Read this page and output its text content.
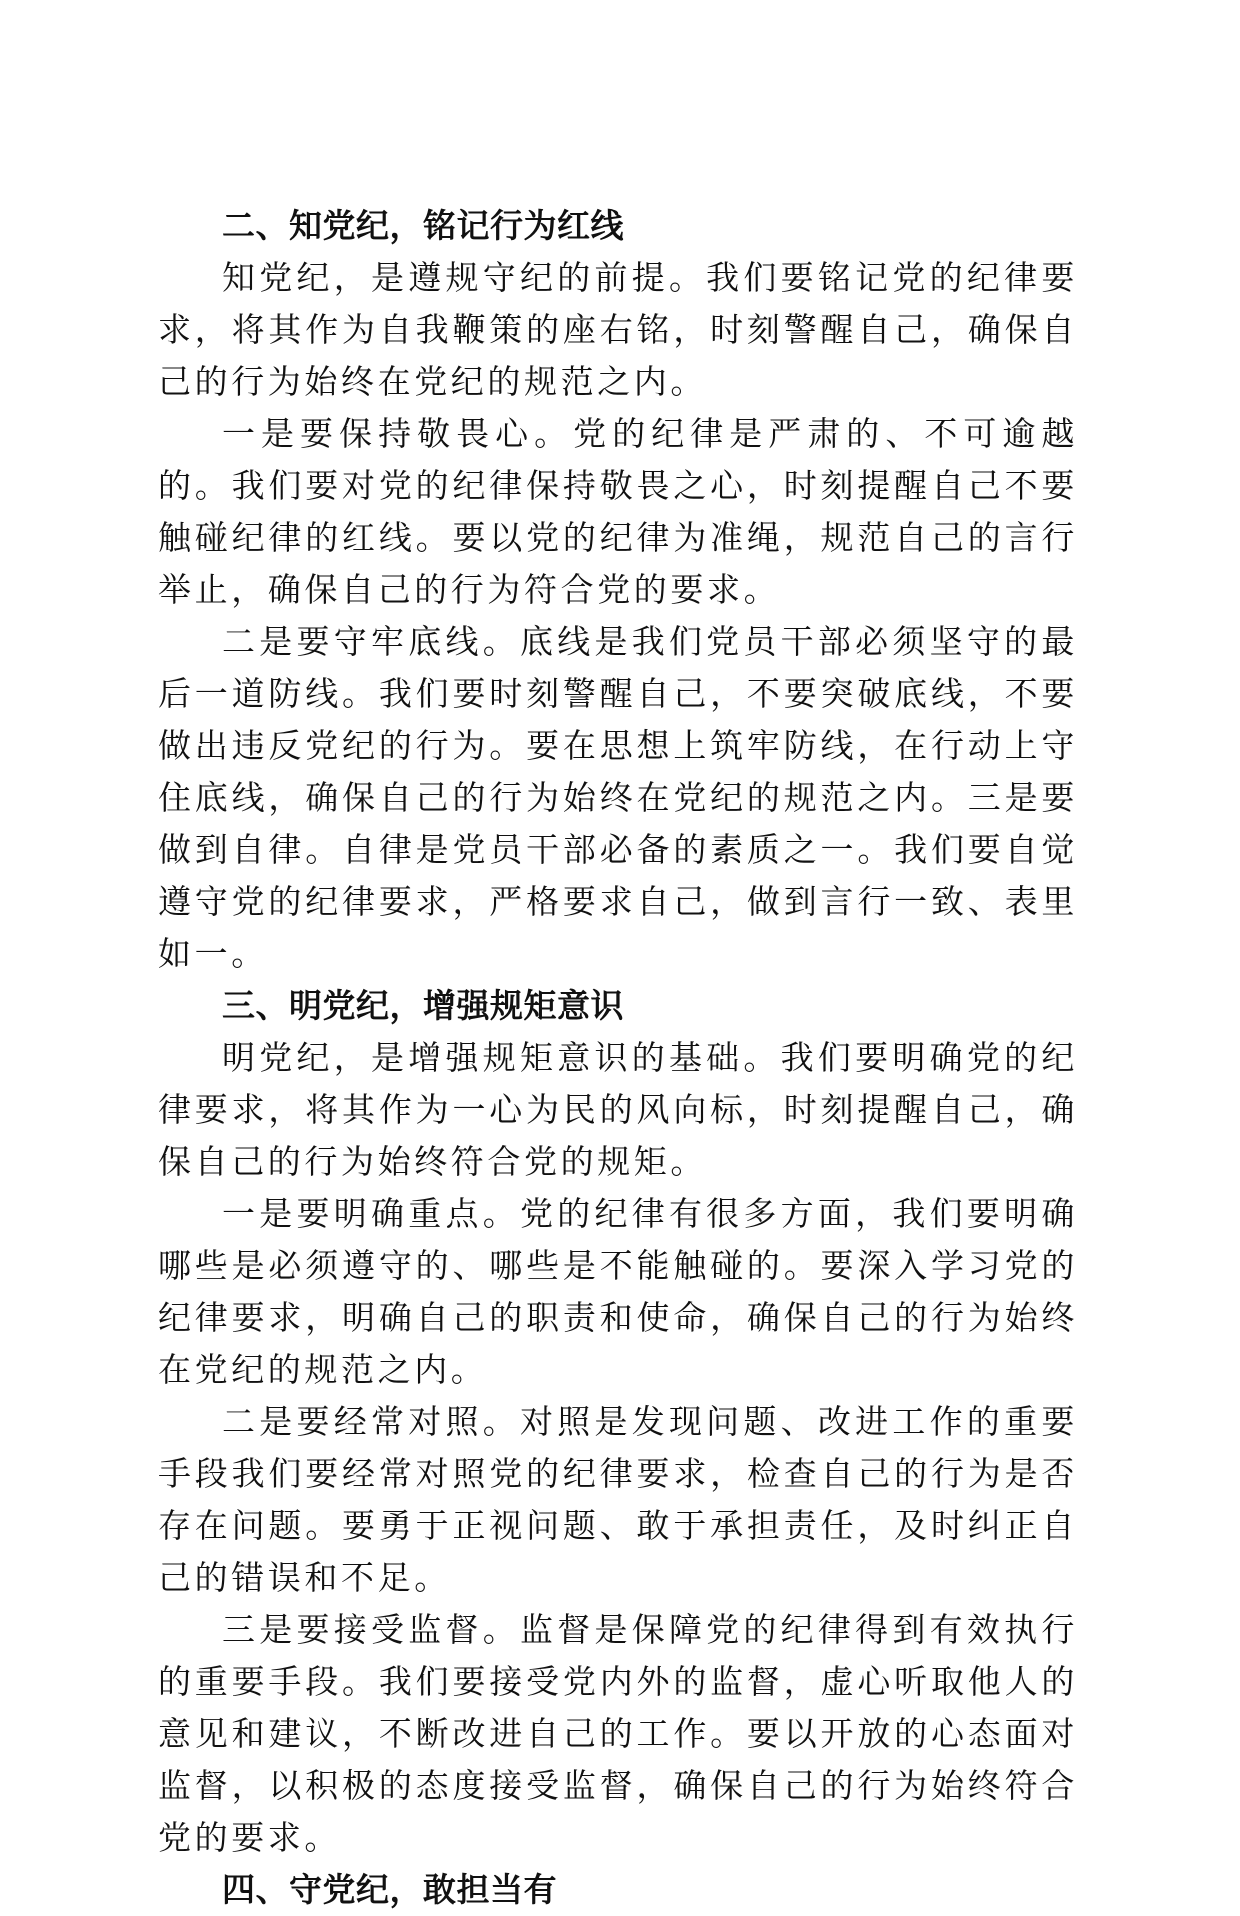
二、知党纪，铭记行为红线

知党纪，是遵规守纪的前提。我们要铭记党的纪律要求，将其作为自我鞭策的座右铭，时刻警醒自己，确保自己的行为始终在党纪的规范之内。

一是要保持敬畏心。党的纪律是严肃的、不可逾越的。我们要对党的纪律保持敬畏之心，时刻提醒自己不要触碰纪律的红线。要以党的纪律为准绳，规范自己的言行举止，确保自己的行为符合党的要求。

二是要守牢底线。底线是我们党员干部必须坚守的最后一道防线。我们要时刻警醒自己，不要突破底线，不要做出违反党纪的行为。要在思想上筑牢防线，在行动上守住底线，确保自己的行为始终在党纪的规范之内。三是要做到自律。自律是党员干部必备的素质之一。我们要自觉遵守党的纪律要求，严格要求自己，做到言行一致、表里如一。

三、明党纪，增强规矩意识

明党纪，是增强规矩意识的基础。我们要明确党的纪律要求，将其作为一心为民的风向标，时刻提醒自己，确保自己的行为始终符合党的规矩。

一是要明确重点。党的纪律有很多方面，我们要明确哪些是必须遵守的、哪些是不能触碰的。要深入学习党的纪律要求，明确自己的职责和使命，确保自己的行为始终在党纪的规范之内。

二是要经常对照。对照是发现问题、改进工作的重要手段我们要经常对照党的纪律要求，检查自己的行为是否存在问题。要勇于正视问题、敢于承担责任，及时纠正自己的错误和不足。

三是要接受监督。监督是保障党的纪律得到有效执行的重要手段。我们要接受党内外的监督，虚心听取他人的意见和建议，不断改进自己的工作。要以开放的心态面对监督，以积极的态度接受监督，确保自己的行为始终符合党的要求。

四、守党纪，敢担当有
